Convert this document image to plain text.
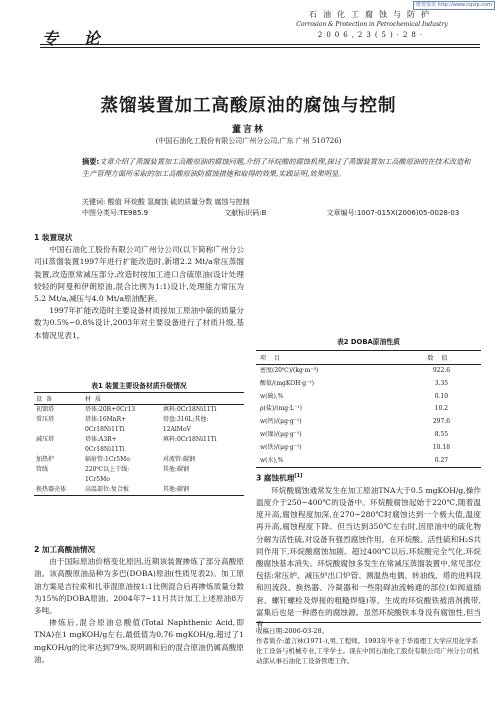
维普资讯 http://www.cqvip.com
专 论
石油化工腐蚀与防护
Corrosion & Protection in Petrochemical Industry
2006,23(5)·28·
蒸馏装置加工高酸原油的腐蚀与控制
董言林
(中国石油化工股份有限公司广州分公司,广东 广州 510726)
摘要:文章介绍了蒸馏装置加工高酸原油的腐蚀问题,介绍了环烷酸的腐蚀机理,探讨了蒸馏装置加工高酸原油的在技术改造和生产管理方面所采取的加工高酸原油防腐蚀措施和取得的效果,实践证明,效果明显。
关键词: 酸值 环烷酸 氢腐蚀 硫的质量分数 腐蚀与控制
中图分类号:TE985.9	文献标识码:B	文章编号:1007-015X(2006)05-0028-03
1 装置现状

中国石油化工股份有限公司广州分公司(以下简称广州分公司)Ⅰ蒸馏装置1997年进行扩能改造时,新增2.2 Mt/a常压蒸馏装置,改造原常减压部分,改造时按加工进口含硫原油(设计处理较轻的阿曼和伊朗原油,混合比例为1:1)设计,处理能力常压为5.2 Mt/a,减压与4.0 Mt/a原油配套。

1997年扩能改造时主要设备材质按加工原油中硫的质量分数为0.5%~0.8%设计,2003年对主要设备进行了材质升级,基本情况见表1。

表1 装置主要设备材质升级情况
设备	材质	
初馏塔	塔体:20R+0Cr13	填料:0Cr18Ni11Ti
常压塔	塔体:16MnR+	塔盘:316L;其他:
	0Cr18Ni11Ti	12AlMoV
减压塔	塔体:A3R+	填料:0Cr18Ni11Ti
	0Cr18Ni11Ti	
加热炉	辐射管:1Cr5Mo	对流管:碳钢
管线	220℃以上干线:	其他:碳钢
	1Cr5Mo	
换热器壳体	高温部位:复合板	其他:碳钢
2 加工高酸油情况

由于国际原油价格变化原因,近期该装置掺炼了部分高酸原油。该高酸原油品种为多巴(DOBA)原油(性质见表2)。加工原油方案是吉拉索和扎菲混原油按1:1比例混合后再掺炼质量分数为15%的DOBA原油。2004年7~11月共计加工上述原油8万多吨。

掺炼后,混合原油总酸值(Total Naphthenic Acid,即TNA)在1 mgKOH/g左右,最低值为0.76 mgKOH/g,超过了1 mgKOH/g的比率达到79%,说明调和后的混合原油仍属高酸原油。

表2 DOBA原油性质
项目	数值
密度(20℃)/(kg·m⁻³)	922.6
酸值/(mgKOH·g⁻¹)	3.35
w(硫),%	0.10
ρ(盐)/(mg·L⁻¹)	10.2
w(钙)/(μg·g⁻¹)	297.6
w(镍)/(μg·g⁻¹)	8.55
w(铁)/(μg·g⁻¹)	10.18
w(水),%	0.27
3 腐蚀机理[1]

环烷酸腐蚀通常发生在加工原油TNA大于0.5 mgKOH/g,操作温度介于250~400℃的设备中。环烷酸腐蚀起始于220℃,随着温度升高,腐蚀程度加深,在270~280℃时腐蚀达到一个极大值,温度再升高,腐蚀程度下降。但当达到350℃左右时,因原油中的硫化物分解为活性硫,对设备有强烈腐蚀作用。在环烷酸、活性硫和H₂S共同作用下,环烷酸腐蚀加剧。超过400℃以后,环烷酸完全气化,环烷酸腐蚀基本消失。环烷酸腐蚀多发生在常减压蒸馏装置中,常见部位包括:常压炉、减压炉出口炉管、测温热电偶、转油线、塔的进料段和回流段、换热器、冷凝器和一些阻碍油流畅通的部位(如阀道插套、螺钉螺栓及焊接的粗糙焊缝)等。生成的环烷酸铁被溶剂携带,富集后也是一种潜在的腐蚀源。虽然环烷酸铁本身没有腐蚀性,但当有

收稿日期:2006-03-28。
作者简介:董言林(1971-),男,工程师。1993年毕业于华南理工大学应用化学系化工设备与机械专业,工学学士。现在中国石油化工股份有限公司广州分公司机动部从事石油化工设备管理工作。
